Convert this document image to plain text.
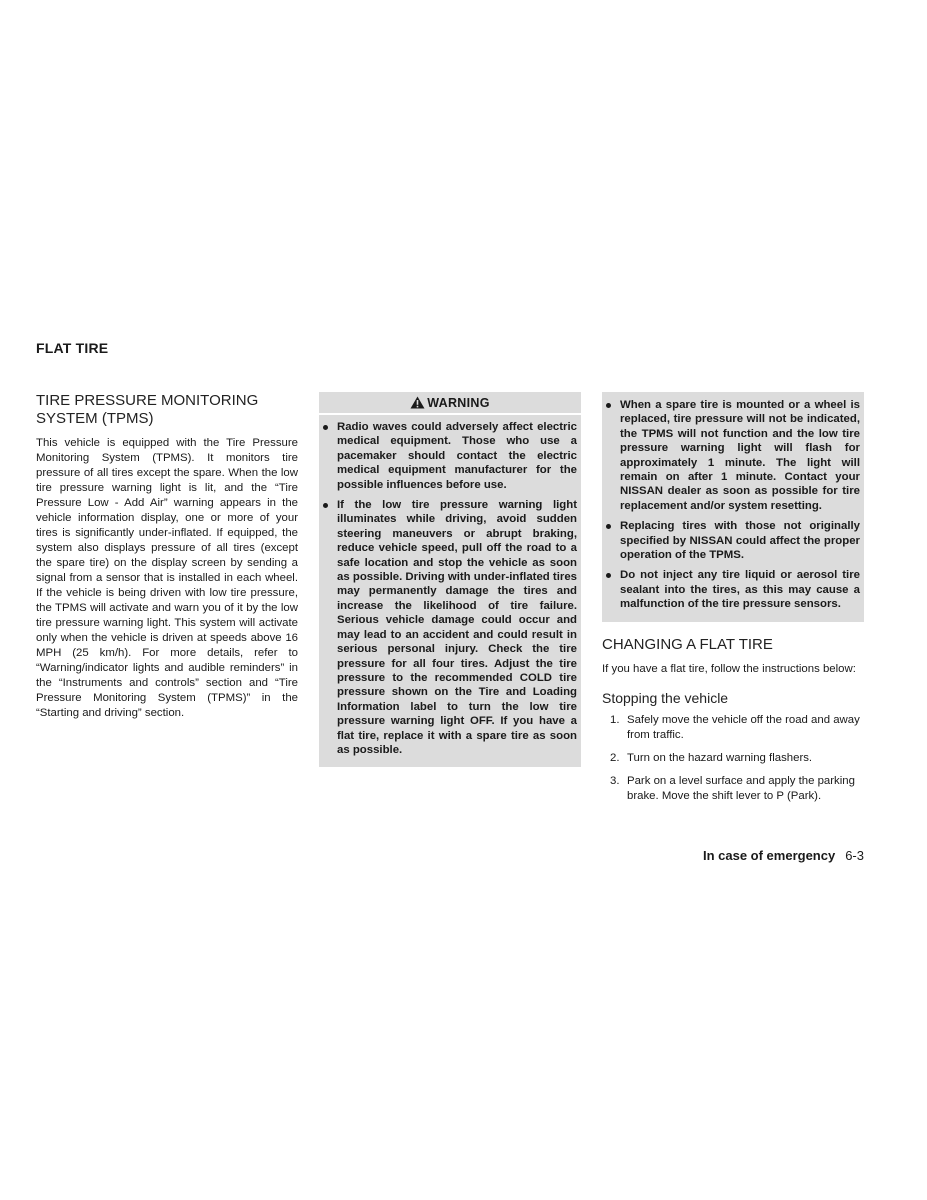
FLAT TIRE
TIRE PRESSURE MONITORING
SYSTEM (TPMS)

This vehicle is equipped with the Tire Pressure Monitoring System (TPMS). It monitors tire pressure of all tires except the spare. When the low tire pressure warning light is lit, and the “Tire Pressure Low - Add Air” warning appears in the vehicle information display, one or more of your tires is significantly under-inflated. If equipped, the system also displays pressure of all tires (except the spare tire) on the display screen by sending a signal from a sensor that is installed in each wheel. If the vehicle is being driven with low tire pressure, the TPMS will activate and warn you of it by the low tire pressure warning light. This system will activate only when the vehicle is driven at speeds above 16 MPH (25 km/h). For more details, refer to “Warning/indicator lights and audible reminders” in the “Instruments and controls” section and “Tire Pressure Monitoring System (TPMS)” in the “Starting and driving” section.

WARNING
Radio waves could adversely affect electric medical equipment. Those who use a pacemaker should contact the electric medical equipment manufacturer for the possible influences before use.
If the low tire pressure warning light illuminates while driving, avoid sudden steering maneuvers or abrupt braking, reduce vehicle speed, pull off the road to a safe location and stop the vehicle as soon as possible. Driving with under-inflated tires may permanently damage the tires and increase the likelihood of tire failure. Serious vehicle damage could occur and may lead to an accident and could result in serious personal injury. Check the tire pressure for all four tires. Adjust the tire pressure to the recommended COLD tire pressure shown on the Tire and Loading Information label to turn the low tire pressure warning light OFF. If you have a flat tire, replace it with a spare tire as soon as possible.
When a spare tire is mounted or a wheel is replaced, tire pressure will not be indicated, the TPMS will not function and the low tire pressure warning light will flash for approximately 1 minute. The light will remain on after 1 minute. Contact your NISSAN dealer as soon as possible for tire replacement and/or system resetting.
Replacing tires with those not originally specified by NISSAN could affect the proper operation of the TPMS.
Do not inject any tire liquid or aerosol tire sealant into the tires, as this may cause a malfunction of the tire pressure sensors.
CHANGING A FLAT TIRE

If you have a flat tire, follow the instructions below:

Stopping the vehicle
1. Safely move the vehicle off the road and away from traffic.
2. Turn on the hazard warning flashers.
3. Park on a level surface and apply the parking brake. Move the shift lever to P (Park).
In case of emergency 6-3
